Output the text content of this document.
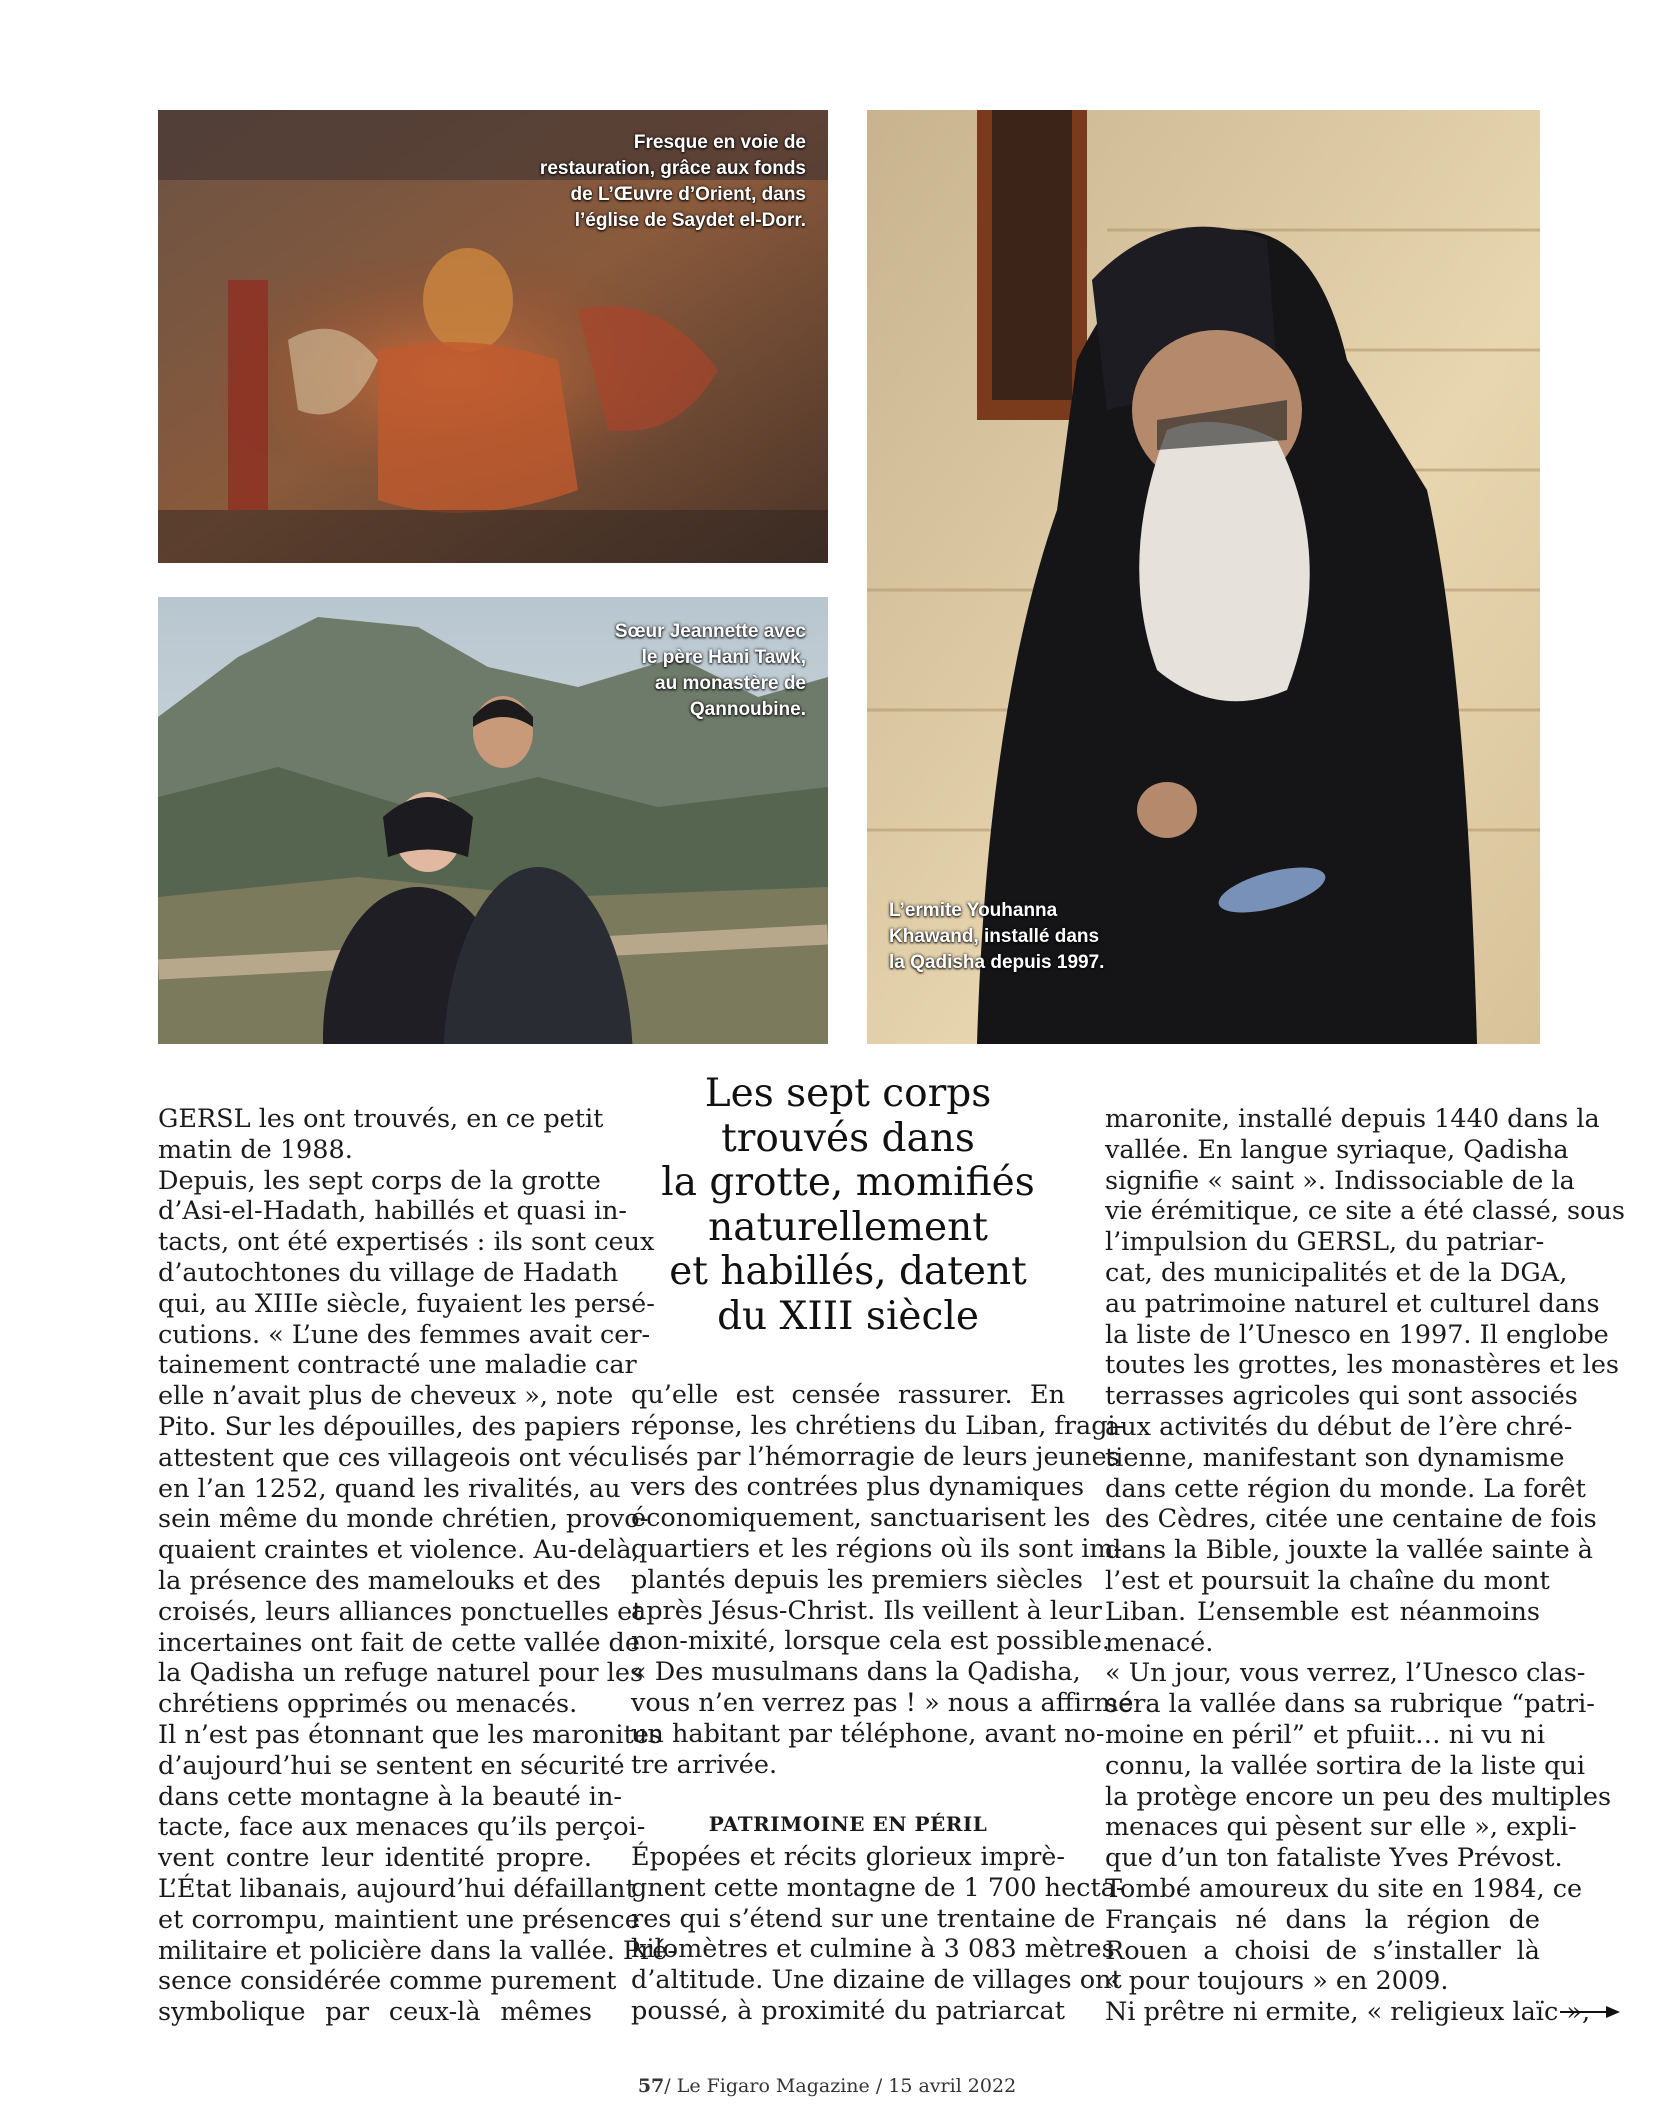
Fresque en voie de
restauration, grâce aux fonds
de L’Œuvre d’Orient, dans
l’église de Saydet el-Dorr.
Sœur Jeannette avec
le père Hani Tawk,
au monastère de
Qannoubine.
L’ermite Youhanna
Khawand, installé dans
la Qadisha depuis 1997.
Les sept corps
trouvés dans
la grotte, momifiés
naturellement
et habillés, datent
du XIII siècle
GERSL les ont trouvés, en ce petit
matin de 1988.
Depuis, les sept corps de la grotte
d’Asi-el-Hadath, habillés et quasi in-
tacts, ont été expertisés : ils sont ceux
d’autochtones du village de Hadath
qui, au XIIIe siècle, fuyaient les persé-
cutions. « L’une des femmes avait cer-
tainement contracté une maladie car
elle n’avait plus de cheveux », note
Pito. Sur les dépouilles, des papiers
attestent que ces villageois ont vécu
en l’an 1252, quand les rivalités, au
sein même du monde chrétien, provo-
quaient craintes et violence. Au-delà,
la présence des mamelouks et des
croisés, leurs alliances ponctuelles et
incertaines ont fait de cette vallée de
la Qadisha un refuge naturel pour les
chrétiens opprimés ou menacés.
Il n’est pas étonnant que les maronites
d’aujourd’hui se sentent en sécurité
dans cette montagne à la beauté in-
tacte, face aux menaces qu’ils perçoi-
vent contre leur identité propre.
L’État libanais, aujourd’hui défaillant
et corrompu, maintient une présence
militaire et policière dans la vallée. Pré-
sence considérée comme purement
symbolique par ceux-là mêmes
qu’elle est censée rassurer. En
réponse, les chrétiens du Liban, fragi-
lisés par l’hémorragie de leurs jeunes
vers des contrées plus dynamiques
économiquement, sanctuarisent les
quartiers et les régions où ils sont im-
plantés depuis les premiers siècles
après Jésus-Christ. Ils veillent à leur
non-mixité, lorsque cela est possible.
« Des musulmans dans la Qadisha,
vous n’en verrez pas ! » nous a affirmé
un habitant par téléphone, avant no-
tre arrivée.
PATRIMOINE EN PÉRIL
Épopées et récits glorieux imprè-
gnent cette montagne de 1 700 hecta-
res qui s’étend sur une trentaine de
kilomètres et culmine à 3 083 mètres
d’altitude. Une dizaine de villages ont
poussé, à proximité du patriarcat
maronite, installé depuis 1440 dans la
vallée. En langue syriaque, Qadisha
signifie « saint ». Indissociable de la
vie érémitique, ce site a été classé, sous
l’impulsion du GERSL, du patriar-
cat, des municipalités et de la DGA,
au patrimoine naturel et culturel dans
la liste de l’Unesco en 1997. Il englobe
toutes les grottes, les monastères et les
terrasses agricoles qui sont associés
aux activités du début de l’ère chré-
tienne, manifestant son dynamisme
dans cette région du monde. La forêt
des Cèdres, citée une centaine de fois
dans la Bible, jouxte la vallée sainte à
l’est et poursuit la chaîne du mont
Liban. L’ensemble est néanmoins
menacé.
« Un jour, vous verrez, l’Unesco clas-
sera la vallée dans sa rubrique “patri-
moine en péril” et pfuiit… ni vu ni
connu, la vallée sortira de la liste qui
la protège encore un peu des multiples
menaces qui pèsent sur elle », expli-
que d’un ton fataliste Yves Prévost.
Tombé amoureux du site en 1984, ce
Français né dans la région de
Rouen a choisi de s’installer là
« pour toujours » en 2009.
Ni prêtre ni ermite, « religieux laïc »,
57/ Le Figaro Magazine / 15 avril 2022
